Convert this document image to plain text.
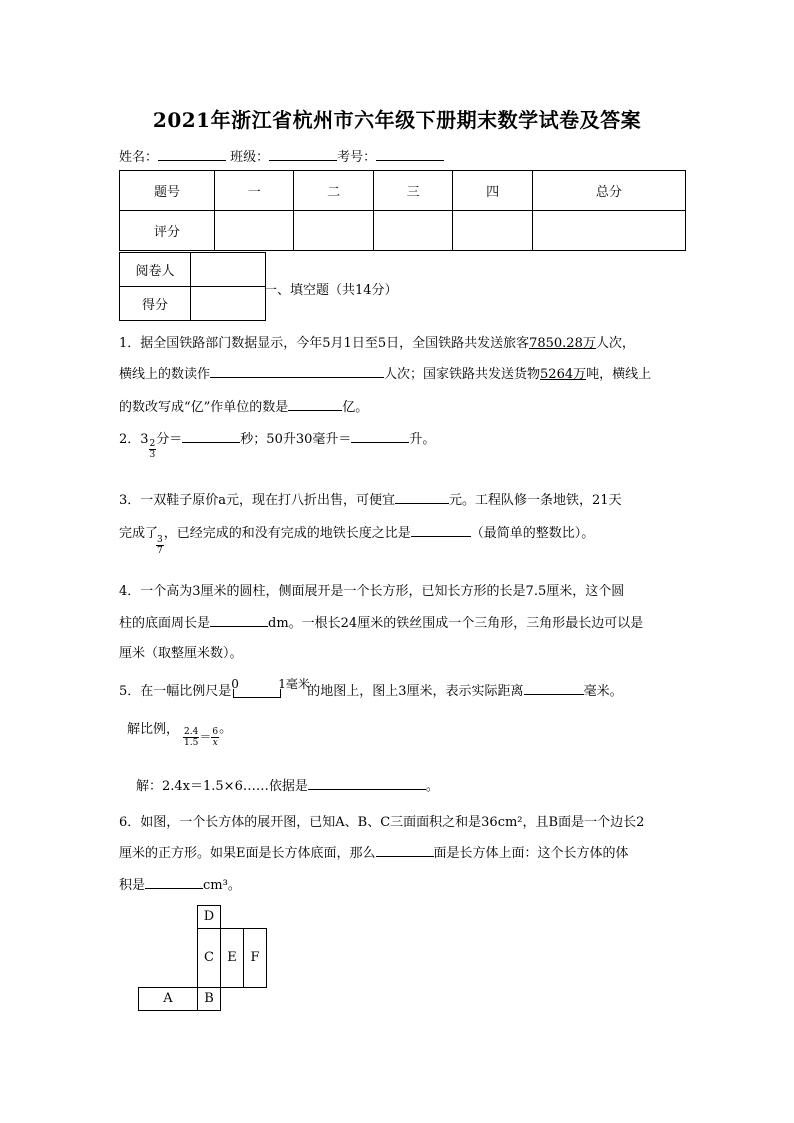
2021年浙江省杭州市六年级下册期末数学试卷及答案
姓名：	班级：	考号：
题号	一	二	三	四	总分
评分					
阅卷人	
得分	
一、填空题（共14分）
1．据全国铁路部门数据显示，今年5月1日至5日，全国铁路共发送旅客7850.28万人次，
横线上的数读作	人次；国家铁路共发送货物5264万吨，横线上
的数改写成“亿”作单位的数是	亿。
2．$3 \frac{2}{3}$ 分＝	秒；50升30毫升＝	升。
3．一双鞋子原价a元，现在打八折出售，可便宜	元。工程队修一条地铁，21天
完成了
$\frac{3}{7}$
，已经完成的和没有完成的地铁长度之比是	（最简单的整数比）。
4．一个高为3厘米的圆柱，侧面展开是一个长方形，已知长方形的长是7.5厘米，这个圆
柱的底面周长是	dm。一根长24厘米的铁丝围成一个三角形，三角形最长边可以是
厘米（取整厘米数）。
5．在一幅比例尺是 0	1毫米
的地图上，图上3厘米，表示实际距离	毫米。
解比例， $\frac{2.4}{1.5} = \frac{6}{x}$ 。
解：2.4x＝1.5×6……依据是	。
6．如图，一个长方体的展开图，已知A、B、C三面面积之和是36cm²，且B面是一个边长2
厘米的正方形。如果E面是长方体底面，那么	面是长方体上面：这个长方体的体
积是	cm³。
D
C	E	F
A	B
